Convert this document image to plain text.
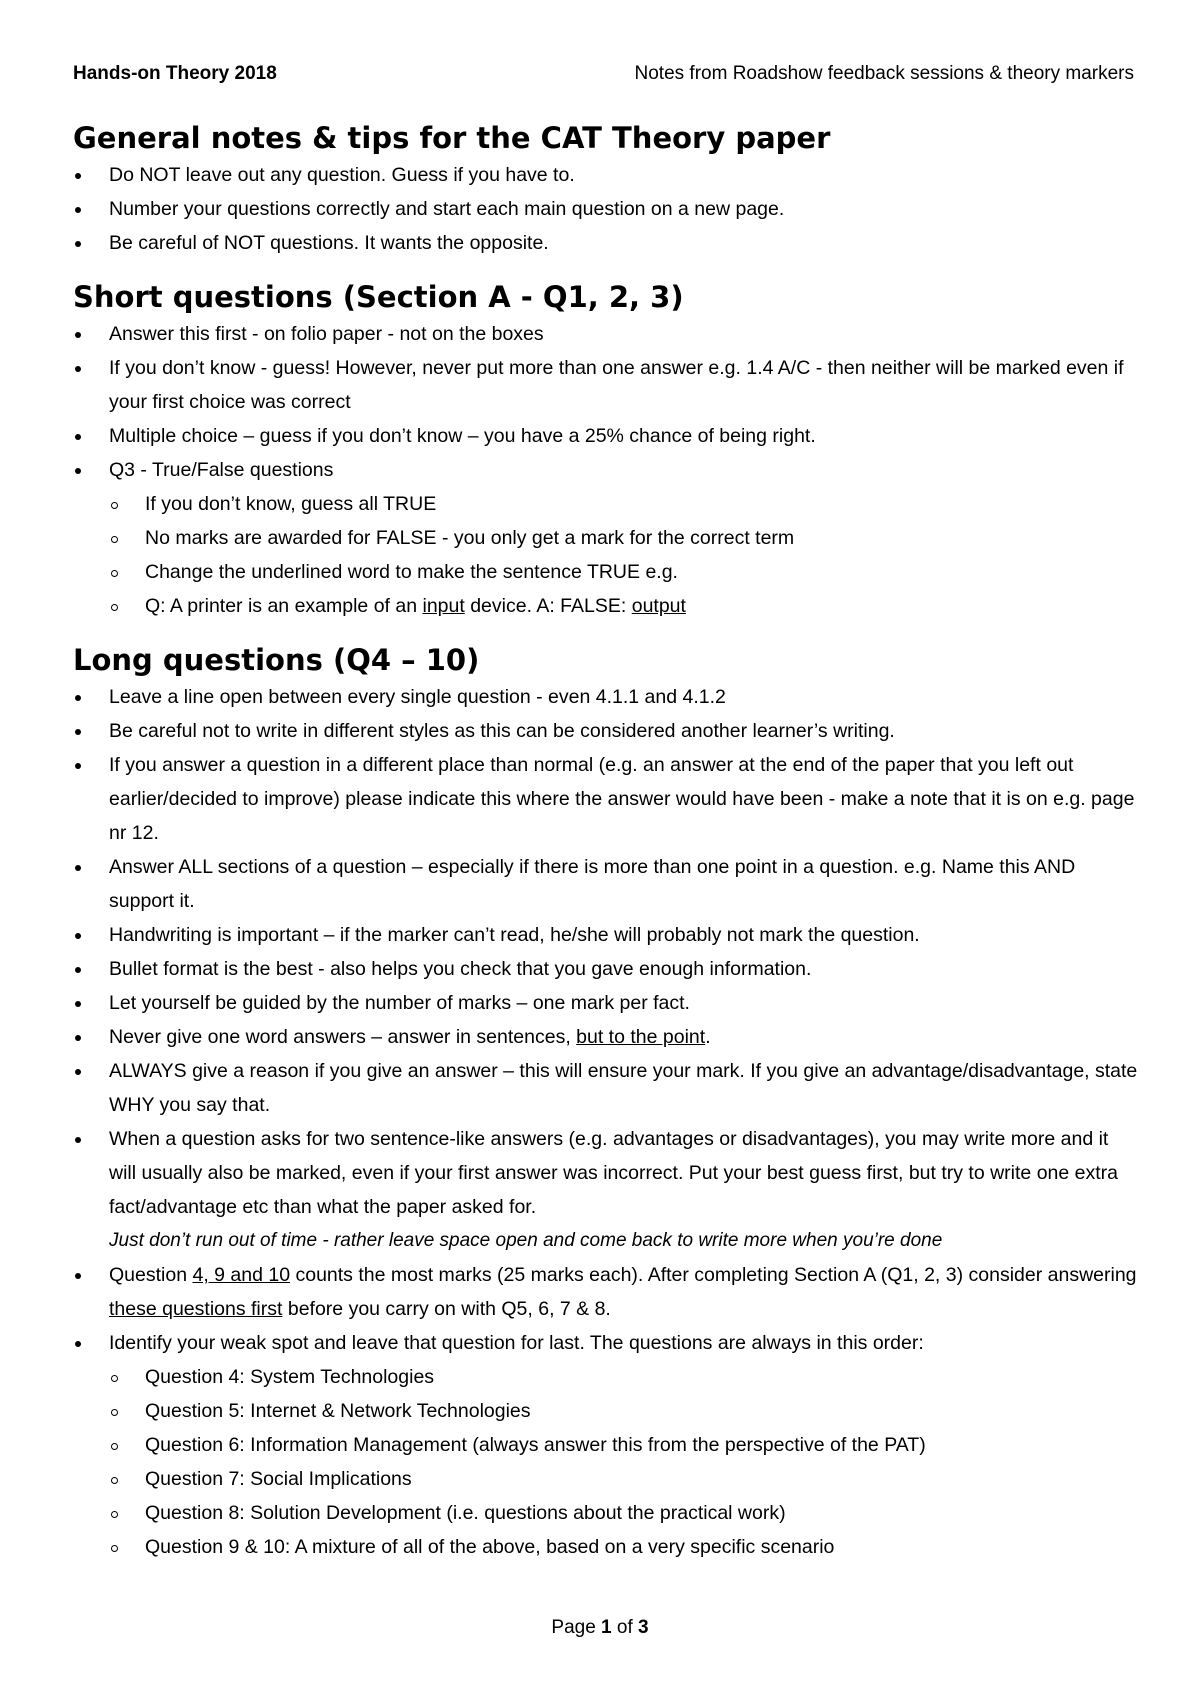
Hands-on Theory 2018	Notes from Roadshow feedback sessions & theory markers
General notes & tips for the CAT Theory paper
Do NOT leave out any question. Guess if you have to.
Number your questions correctly and start each main question on a new page.
Be careful of NOT questions. It wants the opposite.
Short questions (Section A - Q1, 2, 3)
Answer this first - on folio paper - not on the boxes
If you don’t know - guess! However, never put more than one answer e.g. 1.4 A/C - then neither will be marked even if your first choice was correct
Multiple choice – guess if you don’t know – you have a 25% chance of being right.
Q3 - True/False questions
If you don’t know, guess all TRUE
No marks are awarded for FALSE - you only get a mark for the correct term
Change the underlined word to make the sentence TRUE e.g.
Q: A printer is an example of an input device. A: FALSE: output
Long questions (Q4 – 10)
Leave a line open between every single question - even 4.1.1 and 4.1.2
Be careful not to write in different styles as this can be considered another learner’s writing.
If you answer a question in a different place than normal (e.g. an answer at the end of the paper that you left out earlier/decided to improve) please indicate this where the answer would have been - make a note that it is on e.g. page nr 12.
Answer ALL sections of a question – especially if there is more than one point in a question. e.g. Name this AND support it.
Handwriting is important – if the marker can’t read, he/she will probably not mark the question.
Bullet format is the best - also helps you check that you gave enough information.
Let yourself be guided by the number of marks – one mark per fact.
Never give one word answers – answer in sentences, but to the point.
ALWAYS give a reason if you give an answer – this will ensure your mark. If you give an advantage/disadvantage, state WHY you say that.
When a question asks for two sentence-like answers (e.g. advantages or disadvantages), you may write more and it will usually also be marked, even if your first answer was incorrect. Put your best guess first, but try to write one extra fact/advantage etc than what the paper asked for.
Just don’t run out of time - rather leave space open and come back to write more when you’re done
Question 4, 9 and 10 counts the most marks (25 marks each). After completing Section A (Q1, 2, 3) consider answering these questions first before you carry on with Q5, 6, 7 & 8.
Identify your weak spot and leave that question for last. The questions are always in this order:
Question 4: System Technologies
Question 5: Internet & Network Technologies
Question 6: Information Management (always answer this from the perspective of the PAT)
Question 7: Social Implications
Question 8: Solution Development (i.e. questions about the practical work)
Question 9 & 10: A mixture of all of the above, based on a very specific scenario
Page 1 of 3
